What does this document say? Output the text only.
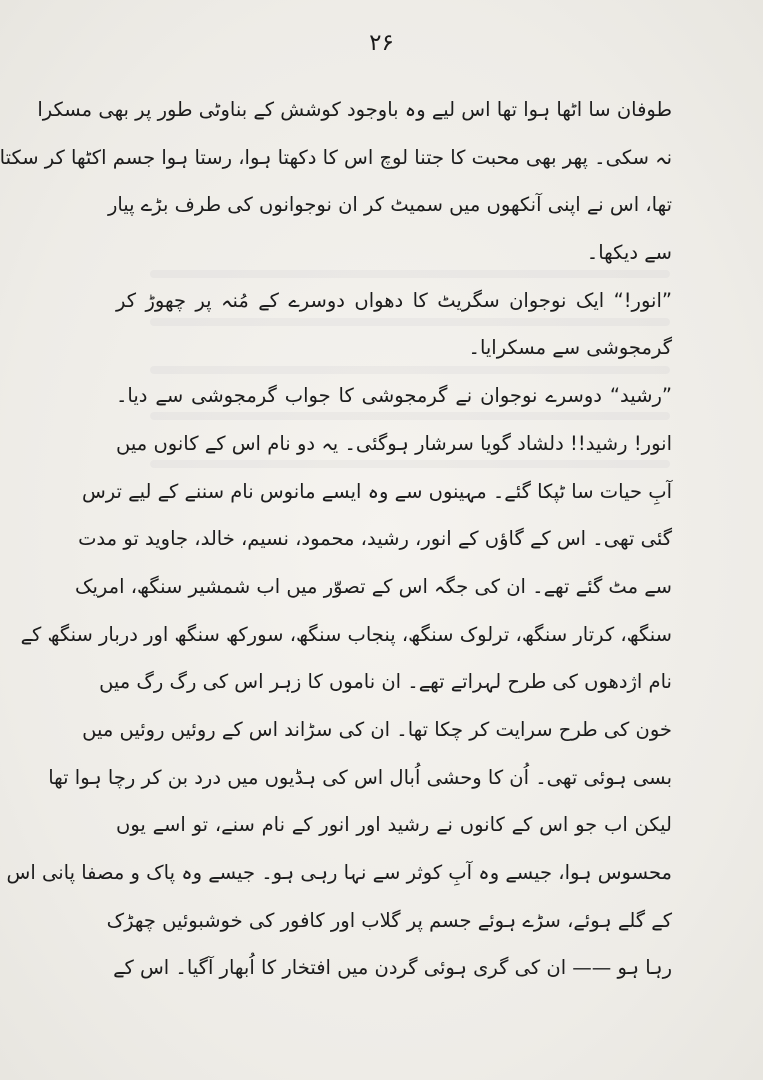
۲۶
طوفان سا اٹھا ہوا تھا اس لیے وہ باوجود کوشش کے بناوٹی طور پر بھی مسکرا
نہ سکی۔ پھر بھی محبت کا جتنا لوچ اس کا دکھتا ہوا، رستا ہوا جسم اکٹھا کر سکتا
تھا، اس نے اپنی آنکھوں میں سمیٹ کر ان نوجوانوں کی طرف بڑے پیار
سے دیکھا۔
”انور!“ ایک نوجوان سگریٹ کا دھواں دوسرے کے مُنہ پر چھوڑ کر
گرمجوشی سے مسکرایا۔
”رشید“ دوسرے نوجوان نے گرمجوشی کا جواب گرمجوشی سے دیا۔
انور! رشید!! دلشاد گویا سرشار ہوگئی۔ یہ دو نام اس کے کانوں میں
آبِ حیات سا ٹپکا گئے۔ مہینوں سے وہ ایسے مانوس نام سننے کے لیے ترس
گئی تھی۔ اس کے گاؤں کے انور، رشید، محمود، نسیم، خالد، جاوید تو مدت
سے مٹ گئے تھے۔ ان کی جگہ اس کے تصوّر میں اب شمشیر سنگھ، امریک
سنگھ، کرتار سنگھ، ترلوک سنگھ، پنجاب سنگھ، سورکھ سنگھ اور دربار سنگھ کے
نام اژدھوں کی طرح لہراتے تھے۔ ان ناموں کا زہر اس کی رگ رگ میں
خون کی طرح سرایت کر چکا تھا۔ ان کی سڑاند اس کے روئیں روئیں میں
بسی ہوئی تھی۔ اُن کا وحشی اُبال اس کی ہڈیوں میں درد بن کر رچا ہوا تھا
لیکن اب جو اس کے کانوں نے رشید اور انور کے نام سنے، تو اسے یوں
محسوس ہوا، جیسے وہ آبِ کوثر سے نہا رہی ہو۔ جیسے وہ پاک و مصفا پانی اس
کے گلے ہوئے، سڑے ہوئے جسم پر گلاب اور کافور کی خوشبوئیں چھڑک
رہا ہو —— ان کی گری ہوئی گردن میں افتخار کا اُبھار آگیا۔ اس کے
